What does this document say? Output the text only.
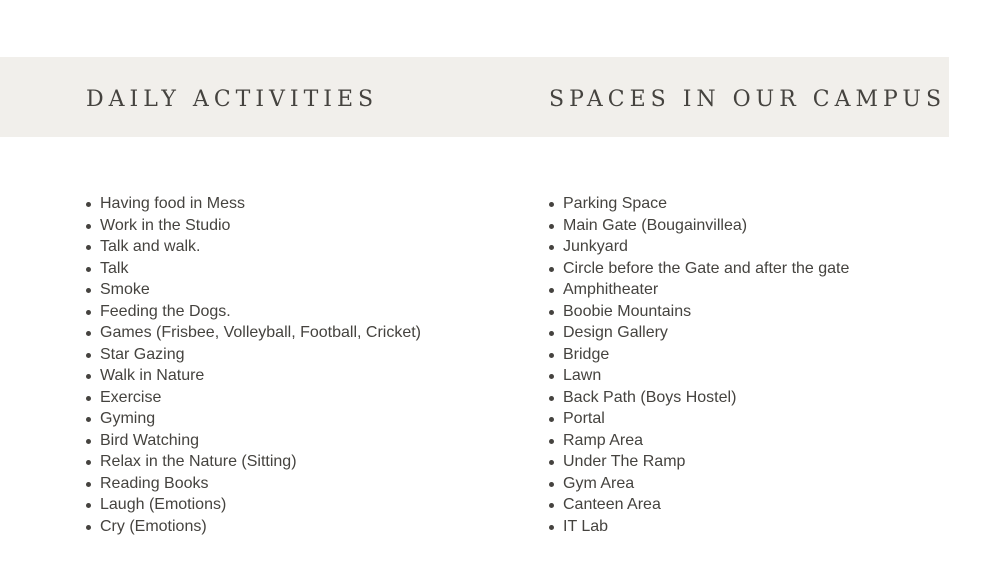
DAILY ACTIVITIES	SPACES IN OUR CAMPUS
Having food in Mess
Work in the Studio
Talk and walk.
Talk
Smoke
Feeding the Dogs.
Games (Frisbee, Volleyball, Football, Cricket)
Star Gazing
Walk in Nature
Exercise
Gyming
Bird Watching
Relax in the Nature (Sitting)
Reading Books
Laugh (Emotions)
Cry (Emotions)
Parking Space
Main Gate (Bougainvillea)
Junkyard
Circle before the Gate and after the gate
Amphitheater
Boobie Mountains
Design Gallery
Bridge
Lawn
Back Path (Boys Hostel)
Portal
Ramp Area
Under The Ramp
Gym Area
Canteen Area
IT Lab
